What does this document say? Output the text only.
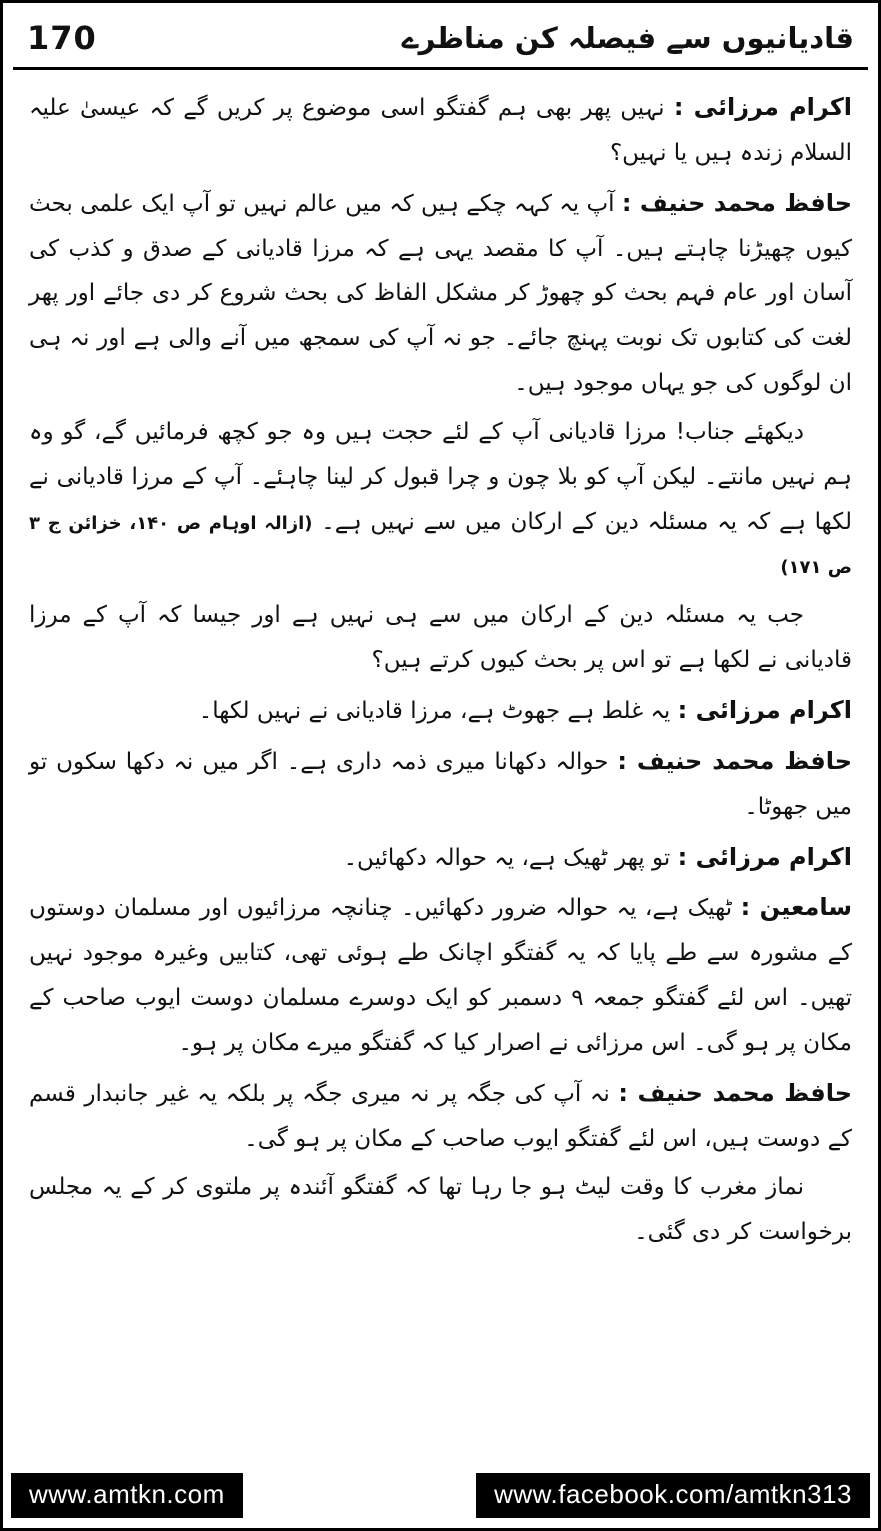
170	قادیانیوں سے فیصلہ کن مناظرے

اکرام مرزائی : نہیں پھر بھی ہم گفتگو اسی موضوع پر کریں گے کہ عیسیٰ علیہ السلام زندہ ہیں یا نہیں؟

حافظ محمد حنیف : آپ یہ کہہ چکے ہیں کہ میں عالم نہیں تو آپ ایک علمی بحث کیوں چھیڑنا چاہتے ہیں۔ آپ کا مقصد یہی ہے کہ مرزا قادیانی کے صدق و کذب کی آسان اور عام فہم بحث کو چھوڑ کر مشکل الفاظ کی بحث شروع کر دی جائے اور پھر لغت کی کتابوں تک نوبت پہنچ جائے۔ جو نہ آپ کی سمجھ میں آنے والی ہے اور نہ ہی ان لوگوں کی جو یہاں موجود ہیں۔

دیکھئے جناب! مرزا قادیانی آپ کے لئے حجت ہیں وہ جو کچھ فرمائیں گے، گو وہ ہم نہیں مانتے۔ لیکن آپ کو بلا چون و چرا قبول کر لینا چاہئے۔ آپ کے مرزا قادیانی نے لکھا ہے کہ یہ مسئلہ دین کے ارکان میں سے نہیں ہے۔ (ازالہ اوہام ص ۱۴۰، خزائن ج ۳ ص ۱۷۱)

جب یہ مسئلہ دین کے ارکان میں سے ہی نہیں ہے اور جیسا کہ آپ کے مرزا قادیانی نے لکھا ہے تو اس پر بحث کیوں کرتے ہیں؟

اکرام مرزائی : یہ غلط ہے جھوٹ ہے، مرزا قادیانی نے نہیں لکھا۔

حافظ محمد حنیف : حوالہ دکھانا میری ذمہ داری ہے۔ اگر میں نہ دکھا سکوں تو میں جھوٹا۔

اکرام مرزائی : تو پھر ٹھیک ہے، یہ حوالہ دکھائیں۔

سامعین : ٹھیک ہے، یہ حوالہ ضرور دکھائیں۔ چنانچہ مرزائیوں اور مسلمان دوستوں کے مشورہ سے طے پایا کہ یہ گفتگو اچانک طے ہوئی تھی، کتابیں وغیرہ موجود نہیں تھیں۔ اس لئے گفتگو جمعہ ۹ دسمبر کو ایک دوسرے مسلمان دوست ایوب صاحب کے مکان پر ہو گی۔ اس مرزائی نے اصرار کیا کہ گفتگو میرے مکان پر ہو۔

حافظ محمد حنیف : نہ آپ کی جگہ پر نہ میری جگہ پر بلکہ یہ غیر جانبدار قسم کے دوست ہیں، اس لئے گفتگو ایوب صاحب کے مکان پر ہو گی۔

نماز مغرب کا وقت لیٹ ہو جا رہا تھا کہ گفتگو آئندہ پر ملتوی کر کے یہ مجلس برخواست کر دی گئی۔

www.amtkn.com	www.facebook.com/amtkn313
